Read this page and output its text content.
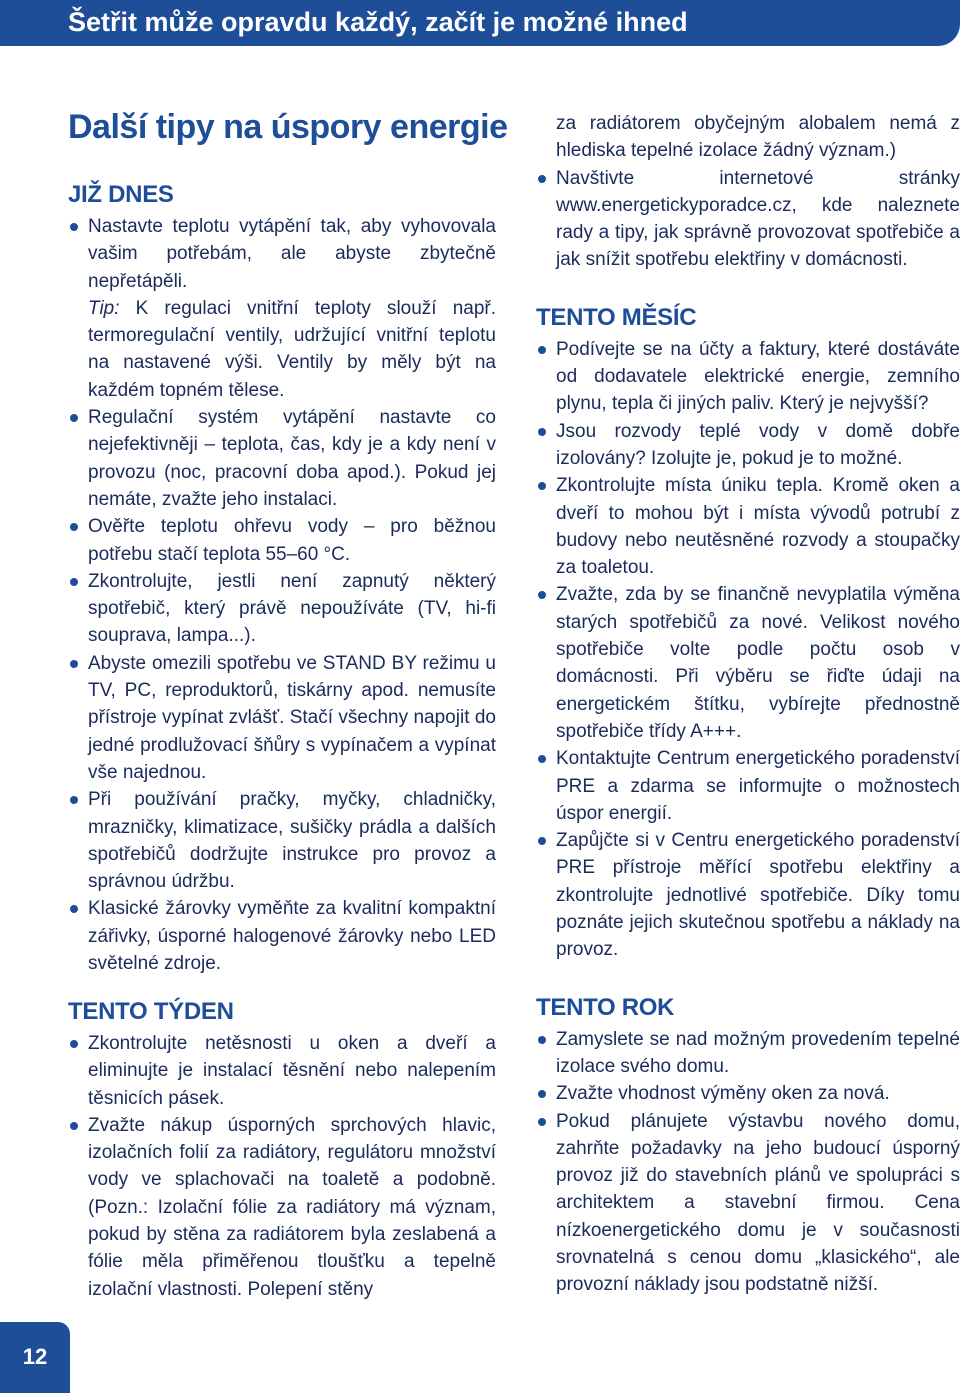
Šetřit může opravdu každý, začít je možné ihned
Další tipy na úspory energie
JIŽ DNES
Nastavte teplotu vytápění tak, aby vyhovovala vašim potřebám, ale abyste zbytečně nepřetápěli.
Tip: K regulaci vnitřní teploty slouží např. termoregulační ventily, udržující vnitřní teplotu na nastavené výši. Ventily by měly být na každém topném tělese.
Regulační systém vytápění nastavte co nejefektivněji – teplota, čas, kdy je a kdy není v provozu (noc, pracovní doba apod.). Pokud jej nemáte, zvažte jeho instalaci.
Ověřte teplotu ohřevu vody – pro běžnou potřebu stačí teplota 55–60 °C.
Zkontrolujte, jestli není zapnutý některý spotřebič, který právě nepoužíváte (TV, hi-fi souprava, lampa...).
Abyste omezili spotřebu ve STAND BY režimu u TV, PC, reproduktorů, tiskárny apod. nemusíte přístroje vypínat zvlášť. Stačí všechny napojit do jedné prodlužovací šňůry s vypínačem a vypínat vše najednou.
Při používání pračky, myčky, chladničky, mrazničky, klimatizace, sušičky prádla a dalších spotřebičů dodržujte instrukce pro provoz a správnou údržbu.
Klasické žárovky vyměňte za kvalitní kompaktní zářivky, úsporné halogenové žárovky nebo LED světelné zdroje.
TENTO TÝDEN
Zkontrolujte netěsnosti u oken a dveří a eliminujte je instalací těsnění nebo nalepením těsnicích pásek.
Zvažte nákup úsporných sprchových hlavic, izolačních folií za radiátory, regulátoru množství vody ve splachovači na toaletě a podobně. (Pozn.: Izolační fólie za radiátory má význam, pokud by stěna za radiátorem byla zeslabená a fólie měla přiměřenou tloušťku a tepelně izolační vlastnosti. Polepení stěny
za radiátorem obyčejným alobalem nemá z hlediska tepelné izolace žádný význam.)
Navštivte internetové stránky www.energetickyporadce.cz, kde naleznete rady a tipy, jak správně provozovat spotřebiče a jak snížit spotřebu elektřiny v domácnosti.
TENTO MĚSÍC
Podívejte se na účty a faktury, které dostáváte od dodavatele elektrické energie, zemního plynu, tepla či jiných paliv. Který je nejvyšší?
Jsou rozvody teplé vody v domě dobře izolovány? Izolujte je, pokud je to možné.
Zkontrolujte místa úniku tepla. Kromě oken a dveří to mohou být i místa vývodů potrubí z budovy nebo neutěsněné rozvody a stoupačky za toaletou.
Zvažte, zda by se finančně nevyplatila výměna starých spotřebičů za nové. Velikost nového spotřebiče volte podle počtu osob v domácnosti. Při výběru se řiďte údaji na energetickém štítku, vybírejte přednostně spotřebiče třídy A+++.
Kontaktujte Centrum energetického poradenství PRE a zdarma se informujte o možnostech úspor energií.
Zapůjčte si v Centru energetického poradenství PRE přístroje měřící spotřebu elektřiny a zkontrolujte jednotlivé spotřebiče. Díky tomu poznáte jejich skutečnou spotřebu a náklady na provoz.
TENTO ROK
Zamyslete se nad možným provedením tepelné izolace svého domu.
Zvažte vhodnost výměny oken za nová.
Pokud plánujete výstavbu nového domu, zahrňte požadavky na jeho budoucí úsporný provoz již do stavebních plánů ve spolupráci s architektem a stavební firmou. Cena nízkoenergetického domu je v současnosti srovnatelná s cenou domu „klasického“, ale provozní náklady jsou podstatně nižší.
12
